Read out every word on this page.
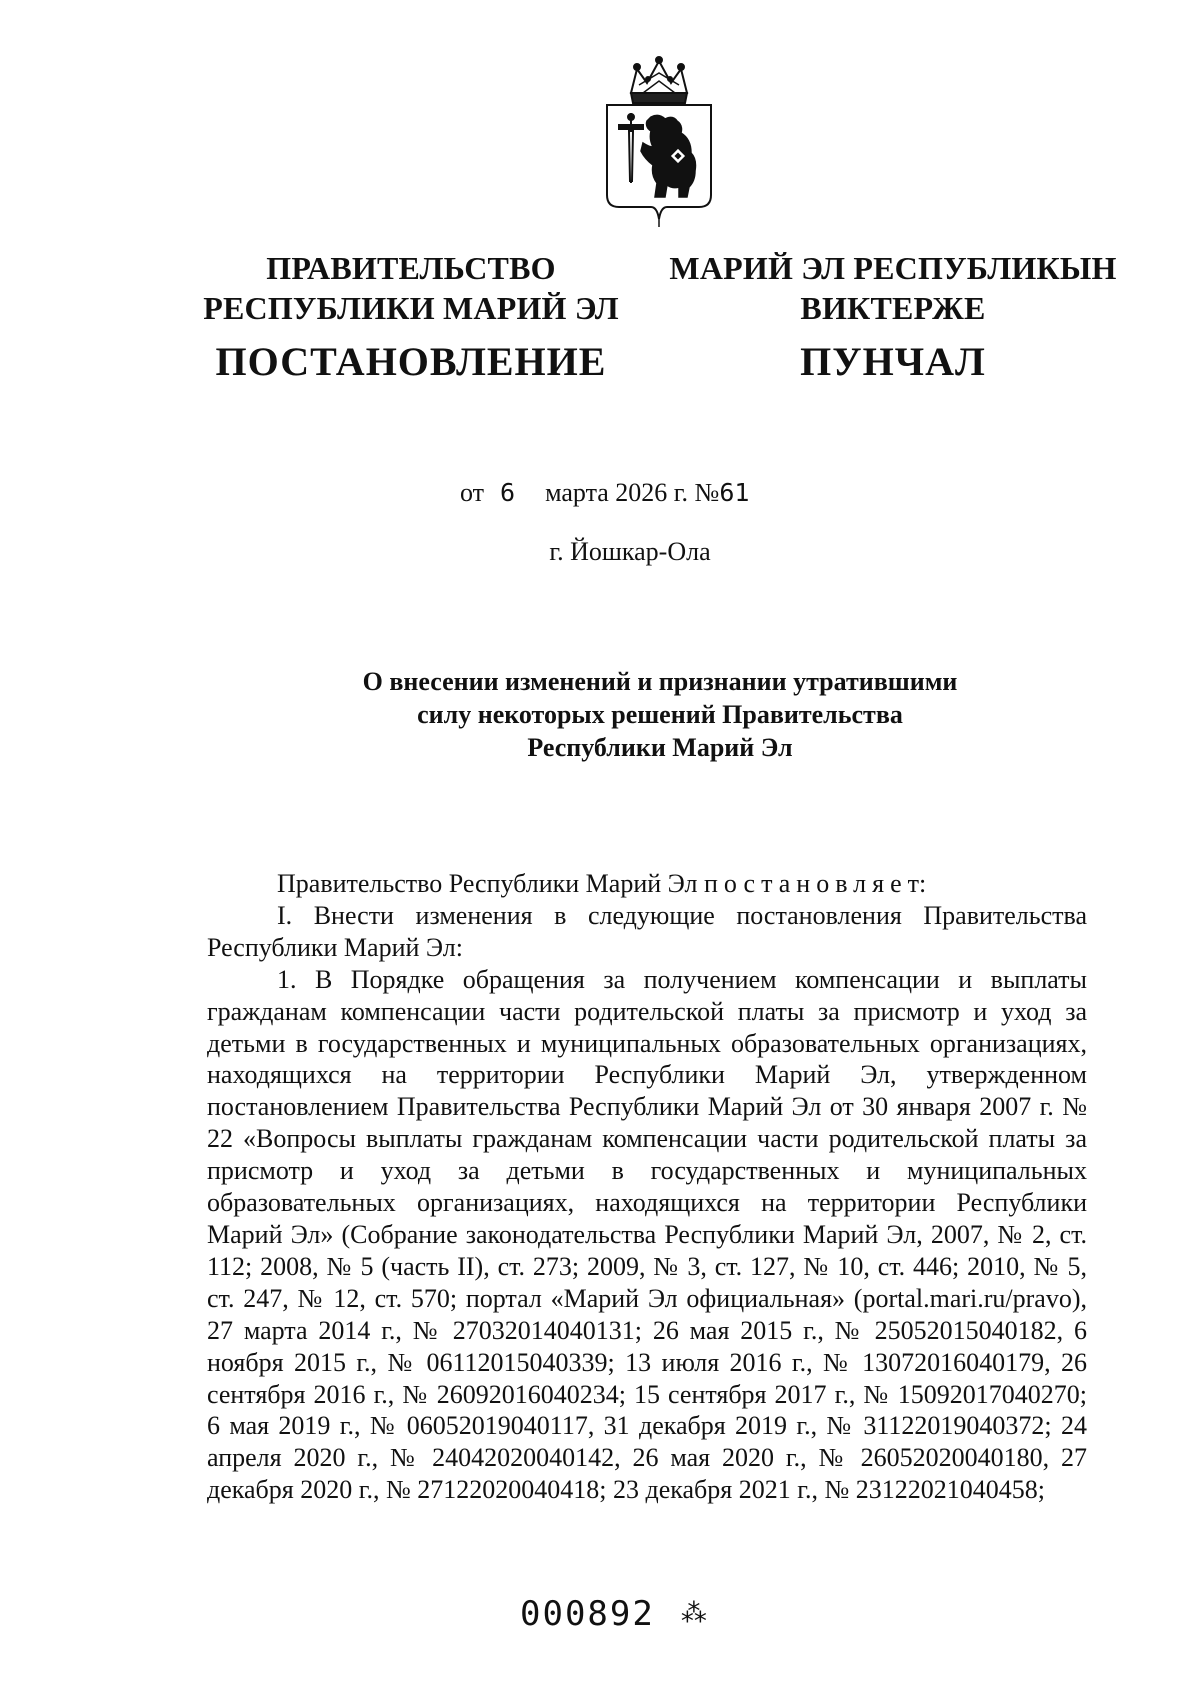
ПРАВИТЕЛЬСТВО
РЕСПУБЛИКИ МАРИЙ ЭЛ
ПОСТАНОВЛЕНИЕ
МАРИЙ ЭЛ РЕСПУБЛИКЫН
ВИКТЕРЖЕ
ПУНЧАЛ
от 6 марта 2026 г. №61
г. Йошкар-Ола
О внесении изменений и признании утратившими
силу некоторых решений Правительства
Республики Марий Эл

Правительство Республики Марий Эл постановляет:

I. Внести изменения в следующие постановления Правительства Республики Марий Эл:

1. В Порядке обращения за получением компенсации и выплаты гражданам компенсации части родительской платы за присмотр и уход за детьми в государственных и муниципальных образовательных организациях, находящихся на территории Республики Марий Эл, утвержденном постановлением Правительства Республики Марий Эл от 30 января 2007 г. № 22 «Вопросы выплаты гражданам компенсации части родительской платы за присмотр и уход за детьми в государственных и муниципальных образовательных организациях, находящихся на территории Республики Марий Эл» (Собрание законодательства Республики Марий Эл, 2007, № 2, ст. 112; 2008, № 5 (часть II), ст. 273; 2009, № 3, ст. 127, № 10, ст. 446; 2010, № 5, ст. 247, № 12, ст. 570; портал «Марий Эл официальная» (portal.mari.ru/pravo), 27 марта 2014 г., № 27032014040131; 26 мая 2015 г., № 25052015040182, 6 ноября 2015 г., № 06112015040339; 13 июля 2016 г., № 13072016040179, 26 сентября 2016 г., № 26092016040234; 15 сентября 2017 г., № 15092017040270; 6 мая 2019 г., № 06052019040117, 31 декабря 2019 г., № 31122019040372; 24 апреля 2020 г., № 24042020040142, 26 мая 2020 г., № 26052020040180, 27 декабря 2020 г., № 27122020040418; 23 декабря 2021 г., № 23122021040458;

000892 ⁂
